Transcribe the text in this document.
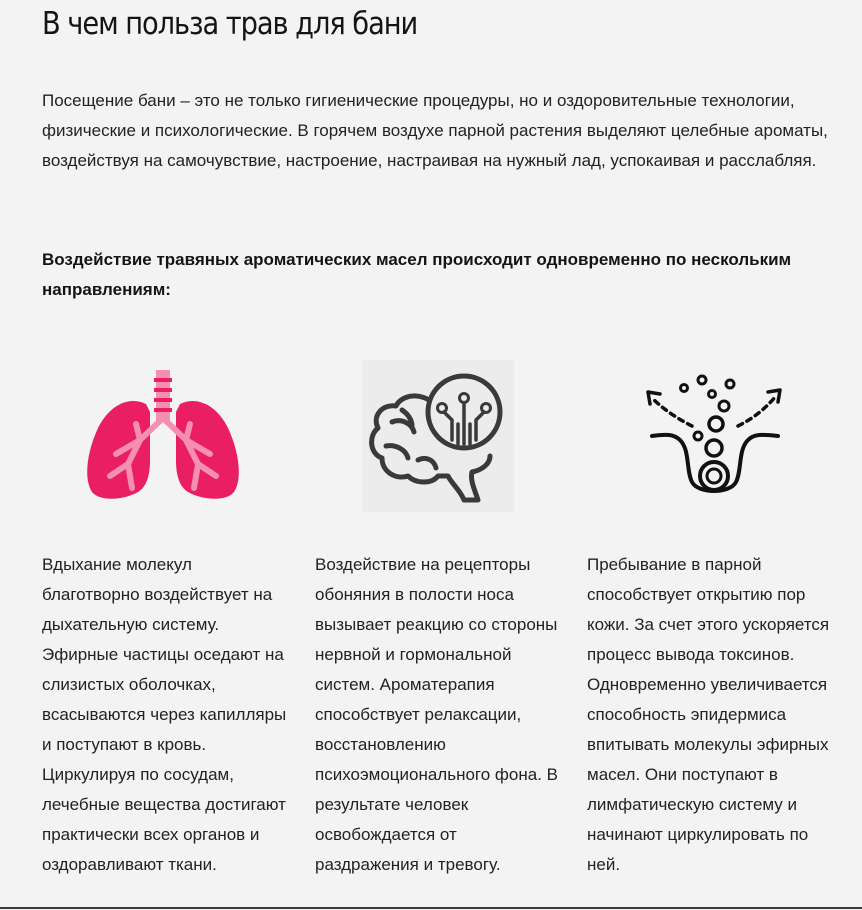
В чем польза трав для бани

Посещение бани – это не только гигиенические процедуры, но и оздоровительные технологии, физические и психологические. В горячем воздухе парной растения выделяют целебные ароматы, воздействуя на самочувствие, настроение, настраивая на нужный лад, успокаивая и расслабляя.

Воздействие травяных ароматических масел происходит одновременно по нескольким направлениям:

Вдыхание молекул благотворно воздействует на дыхательную систему. Эфирные частицы оседают на слизистых оболочках, всасываются через капилляры и поступают в кровь. Циркулируя по сосудам, лечебные вещества достигают практически всех органов и оздоравливают ткани.

Воздействие на рецепторы обоняния в полости носа вызывает реакцию со стороны нервной и гормональной систем. Ароматерапия способствует релаксации, восстановлению психоэмоционального фона. В результате человек освобождается от раздражения и тревогу.

Пребывание в парной способствует открытию пор кожи. За счет этого ускоряется процесс вывода токсинов. Одновременно увеличивается способность эпидермиса впитывать молекулы эфирных масел. Они поступают в лимфатическую систему и начинают циркулировать по ней.
